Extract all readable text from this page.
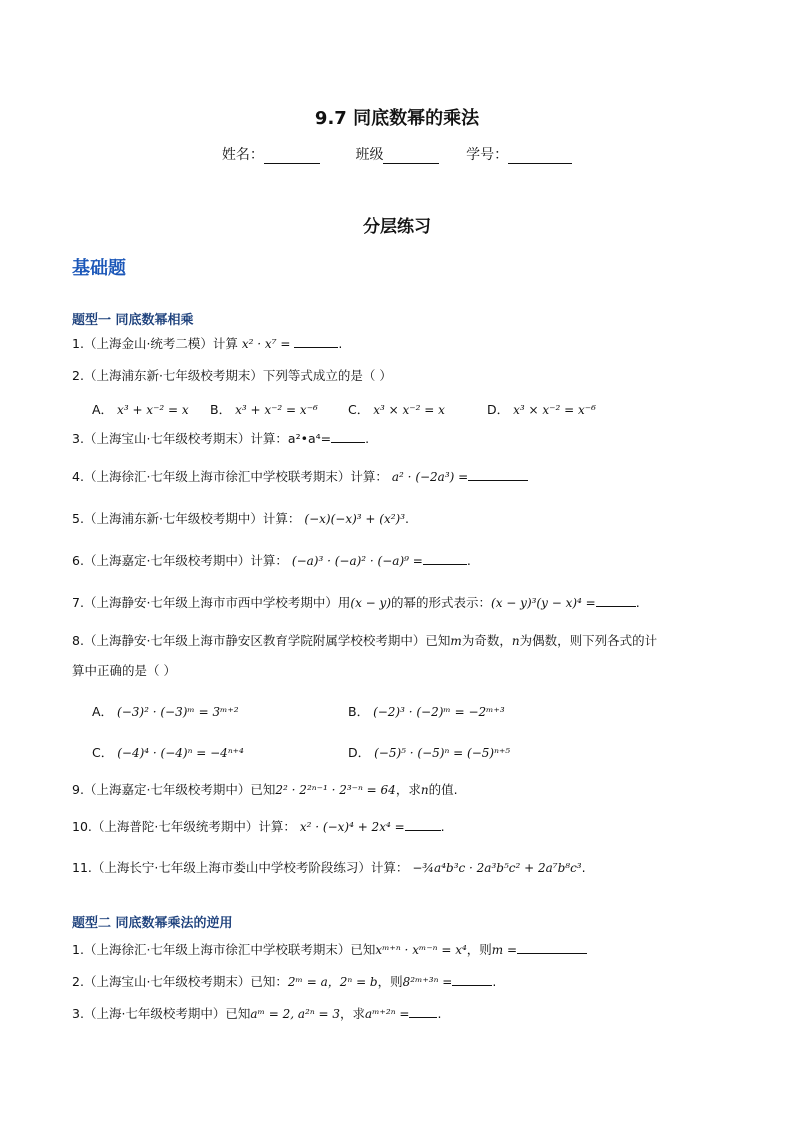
9.7 同底数幂的乘法
姓名：	班级	学号：
分层练习
基础题
题型一 同底数幂相乘
1.（上海金山·统考二模）计算 x² · x⁷ =	.
2.（上海浦东新·七年级校考期末）下列等式成立的是（ ）
A． x³ + x⁻² = x B． x³ + x⁻² = x⁻⁶ C． x³ × x⁻² = x	D． x³ × x⁻² = x⁻⁶
3.（上海宝山·七年级校考期末）计算：a²•a⁴=	.
4.（上海徐汇·七年级上海市徐汇中学校联考期末）计算： a² · (−2a³) =
5.（上海浦东新·七年级校考期中）计算： (−x)(−x)³ + (x²)³.
6.（上海嘉定·七年级校考期中）计算： (−a)³ · (−a)² · (−a)⁹ =	.
7.（上海静安·七年级上海市市西中学校考期中）用(x − y)的幂的形式表示：(x − y)³(y − x)⁴ =	.
8.（上海静安·七年级上海市静安区教育学院附属学校校考期中）已知m为奇数，n为偶数，则下列各式的计
算中正确的是（ ）
A． (−3)² · (−3)ᵐ = 3ᵐ⁺²	B． (−2)³ · (−2)ᵐ = −2ᵐ⁺³
C． (−4)⁴ · (−4)ⁿ = −4ⁿ⁺⁴	D． (−5)⁵ · (−5)ⁿ = (−5)ⁿ⁺⁵
9.（上海嘉定·七年级校考期中）已知2² · 2²ⁿ⁻¹ · 2³⁻ⁿ = 64，求n的值.
10.（上海普陀·七年级统考期中）计算： x² · (−x)⁴ + 2x⁴ =	.
11.（上海长宁·七年级上海市娄山中学校考阶段练习）计算： −¾a⁴b³c · 2a³b⁵c² + 2a⁷b⁸c³.
题型二 同底数幂乘法的逆用
1.（上海徐汇·七年级上海市徐汇中学校联考期末）已知xᵐ⁺ⁿ · xᵐ⁻ⁿ = x⁴，则m =
2.（上海宝山·七年级校考期末）已知：2ᵐ = a，2ⁿ = b，则8²ᵐ⁺³ⁿ =	.
3.（上海·七年级校考期中）已知aᵐ = 2, a²ⁿ = 3，求aᵐ⁺²ⁿ = .
